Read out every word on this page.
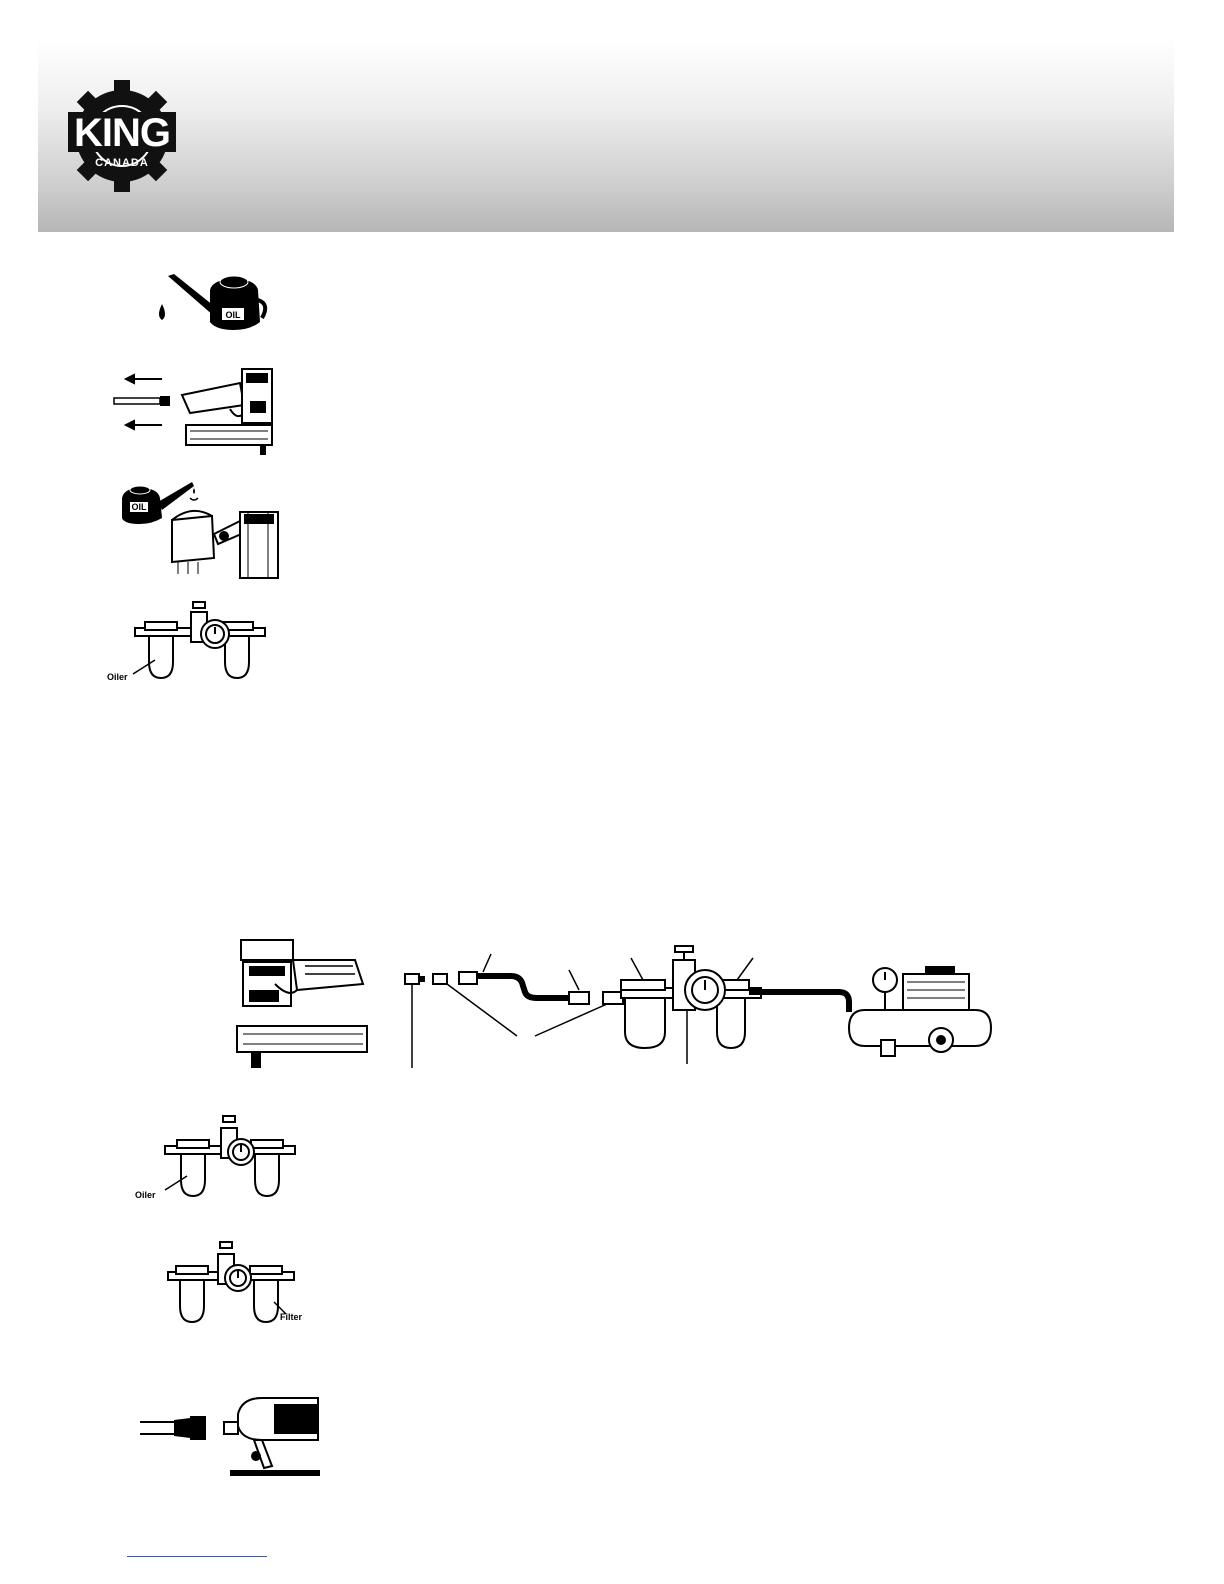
KING
CANADA
OIL
OIL
Oiler
Oiler
Filter
